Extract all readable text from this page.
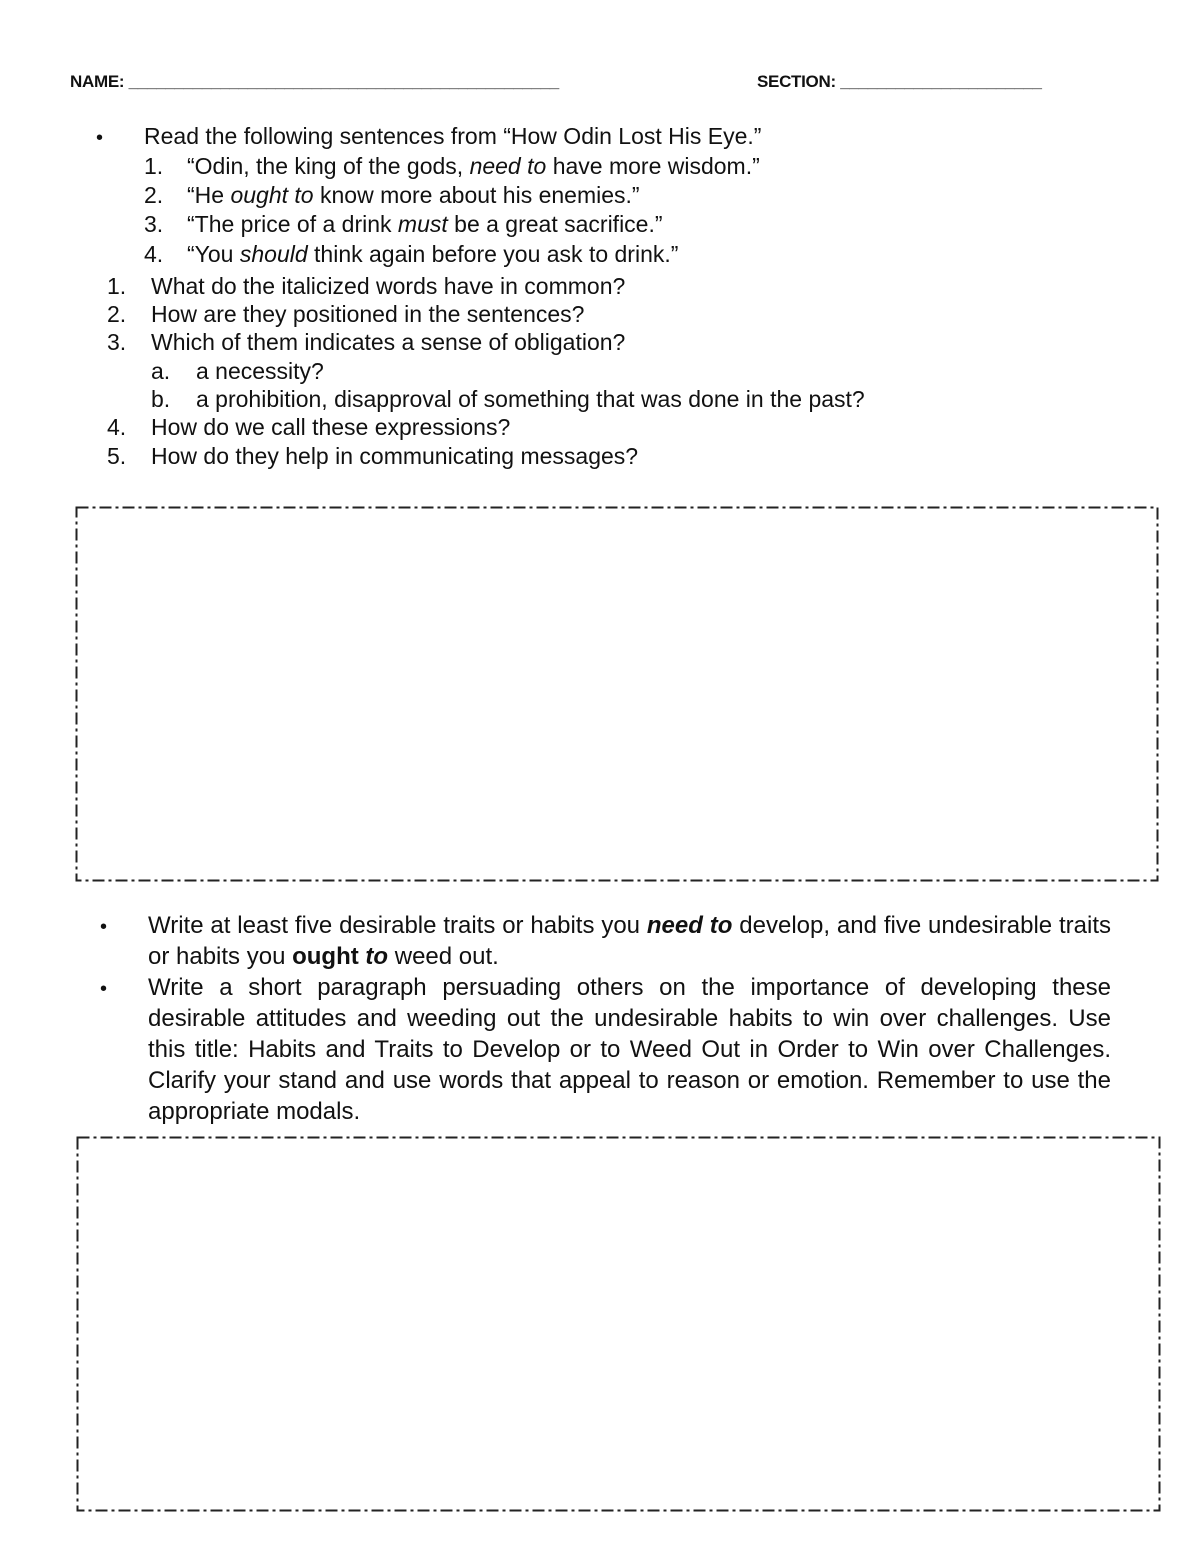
NAME: _______________________________________________	SECTION: ______________________
• Read the following sentences from “How Odin Lost His Eye.”
1. “Odin, the king of the gods, need to have more wisdom.”
2. “He ought to know more about his enemies.”
3. “The price of a drink must be a great sacrifice.”
4. “You should think again before you ask to drink.”
1. What do the italicized words have in common?
2. How are they positioned in the sentences?
3. Which of them indicates a sense of obligation?
a. a necessity?
b. a prohibition, disapproval of something that was done in the past?
4. How do we call these expressions?
5. How do they help in communicating messages?
• Write at least five desirable traits or habits you need to develop, and five undesirable traits or habits you ought to weed out.
• Write a short paragraph persuading others on the importance of developing these desirable attitudes and weeding out the undesirable habits to win over challenges. Use this title: Habits and Traits to Develop or to Weed Out in Order to Win over Challenges. Clarify your stand and use words that appeal to reason or emotion. Remember to use the appropriate modals.
